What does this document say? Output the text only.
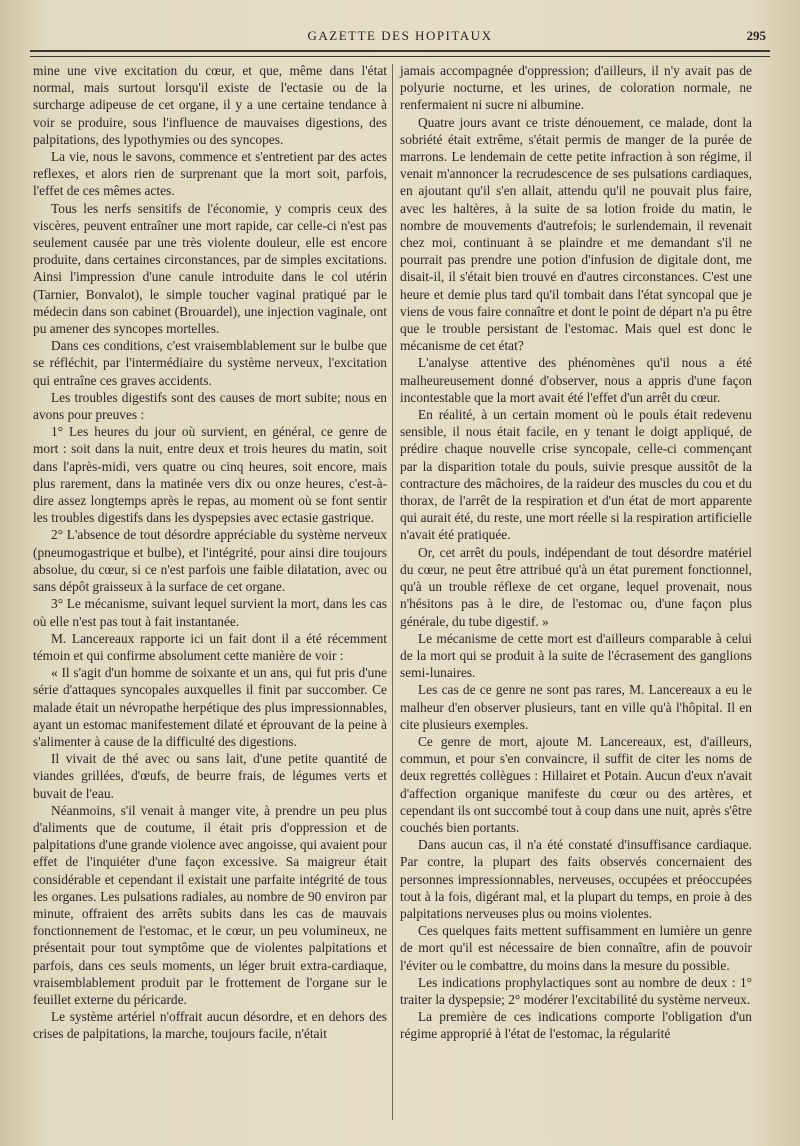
GAZETTE DES HOPITAUX	295

mine une vive excitation du cœur, et que, même dans l'état normal, mais surtout lorsqu'il existe de l'ectasie ou de la surcharge adipeuse de cet organe, il y a une certaine tendance à voir se produire, sous l'influence de mauvaises digestions, des palpitations, des lypothymies ou des syncopes.

La vie, nous le savons, commence et s'entretient par des actes reflexes, et alors rien de surprenant que la mort soit, parfois, l'effet de ces mêmes actes.

Tous les nerfs sensitifs de l'économie, y compris ceux des viscères, peuvent entraîner une mort rapide, car celle-ci n'est pas seulement causée par une très violente douleur, elle est encore produite, dans certaines circonstances, par de simples excitations. Ainsi l'impression d'une canule introduite dans le col utérin (Tarnier, Bonvalot), le simple toucher vaginal pratiqué par le médecin dans son cabinet (Brouardel), une injection vaginale, ont pu amener des syncopes mortelles.

Dans ces conditions, c'est vraisemblablement sur le bulbe que se réfléchit, par l'intermédiaire du système nerveux, l'excitation qui entraîne ces graves accidents.

Les troubles digestifs sont des causes de mort subite; nous en avons pour preuves :

1° Les heures du jour où survient, en général, ce genre de mort : soit dans la nuit, entre deux et trois heures du matin, soit dans l'après-midi, vers quatre ou cinq heures, soit encore, mais plus rarement, dans la matinée vers dix ou onze heures, c'est-à-dire assez longtemps après le repas, au moment où se font sentir les troubles digestifs dans les dyspepsies avec ectasie gastrique.

2° L'absence de tout désordre appréciable du système nerveux (pneumogastrique et bulbe), et l'intégrité, pour ainsi dire toujours absolue, du cœur, si ce n'est parfois une faible dilatation, avec ou sans dépôt graisseux à la surface de cet organe.

3° Le mécanisme, suivant lequel survient la mort, dans les cas où elle n'est pas tout à fait instantanée.

M. Lancereaux rapporte ici un fait dont il a été récemment témoin et qui confirme absolument cette manière de voir :

« Il s'agit d'un homme de soixante et un ans, qui fut pris d'une série d'attaques syncopales auxquelles il finit par succomber. Ce malade était un névropathe herpétique des plus impressionnables, ayant un estomac manifestement dilaté et éprouvant de la peine à s'alimenter à cause de la difficulté des digestions.

Il vivait de thé avec ou sans lait, d'une petite quantité de viandes grillées, d'œufs, de beurre frais, de légumes verts et buvait de l'eau.

Néanmoins, s'il venait à manger vite, à prendre un peu plus d'aliments que de coutume, il était pris d'oppression et de palpitations d'une grande violence avec angoisse, qui avaient pour effet de l'inquiéter d'une façon excessive. Sa maigreur était considérable et cependant il existait une parfaite intégrité de tous les organes. Les pulsations radiales, au nombre de 90 environ par minute, offraient des arrêts subits dans les cas de mauvais fonctionnement de l'estomac, et le cœur, un peu volumineux, ne présentait pour tout symptôme que de violentes palpitations et parfois, dans ces seuls moments, un léger bruit extra-cardiaque, vraisemblablement produit par le frottement de l'organe sur le feuillet externe du péricarde.

Le système artériel n'offrait aucun désordre, et en dehors des crises de palpitations, la marche, toujours facile, n'était

jamais accompagnée d'oppression; d'ailleurs, il n'y avait pas de polyurie nocturne, et les urines, de coloration normale, ne renfermaient ni sucre ni albumine.

Quatre jours avant ce triste dénouement, ce malade, dont la sobriété était extrême, s'était permis de manger de la purée de marrons. Le lendemain de cette petite infraction à son régime, il venait m'annoncer la recrudescence de ses pulsations cardiaques, en ajoutant qu'il s'en allait, attendu qu'il ne pouvait plus faire, avec les haltères, à la suite de sa lotion froide du matin, le nombre de mouvements d'autrefois; le surlendemain, il revenait chez moi, continuant à se plaindre et me demandant s'il ne pourrait pas prendre une potion d'infusion de digitale dont, me disait-il, il s'était bien trouvé en d'autres circonstances. C'est une heure et demie plus tard qu'il tombait dans l'état syncopal que je viens de vous faire connaître et dont le point de départ n'a pu être que le trouble persistant de l'estomac. Mais quel est donc le mécanisme de cet état?

L'analyse attentive des phénomènes qu'il nous a été malheureusement donné d'observer, nous a appris d'une façon incontestable que la mort avait été l'effet d'un arrêt du cœur.

En réalité, à un certain moment où le pouls était redevenu sensible, il nous était facile, en y tenant le doigt appliqué, de prédire chaque nouvelle crise syncopale, celle-ci commençant par la disparition totale du pouls, suivie presque aussitôt de la contracture des mâchoires, de la raideur des muscles du cou et du thorax, de l'arrêt de la respiration et d'un état de mort apparente qui aurait été, du reste, une mort réelle si la respiration artificielle n'avait été pratiquée.

Or, cet arrêt du pouls, indépendant de tout désordre matériel du cœur, ne peut être attribué qu'à un état purement fonctionnel, qu'à un trouble réflexe de cet organe, lequel provenait, nous n'hésitons pas à le dire, de l'estomac ou, d'une façon plus générale, du tube digestif. »

Le mécanisme de cette mort est d'ailleurs comparable à celui de la mort qui se produit à la suite de l'écrasement des ganglions semi-lunaires.

Les cas de ce genre ne sont pas rares, M. Lancereaux a eu le malheur d'en observer plusieurs, tant en ville qu'à l'hôpital. Il en cite plusieurs exemples.

Ce genre de mort, ajoute M. Lancereaux, est, d'ailleurs, commun, et pour s'en convaincre, il suffit de citer les noms de deux regrettés collègues : Hillairet et Potain. Aucun d'eux n'avait d'affection organique manifeste du cœur ou des artères, et cependant ils ont succombé tout à coup dans une nuit, après s'être couchés bien portants.

Dans aucun cas, il n'a été constaté d'insuffisance cardiaque. Par contre, la plupart des faits observés concernaient des personnes impressionnables, nerveuses, occupées et préoccupées tout à la fois, digérant mal, et la plupart du temps, en proie à des palpitations nerveuses plus ou moins violentes.

Ces quelques faits mettent suffisamment en lumière un genre de mort qu'il est nécessaire de bien connaître, afin de pouvoir l'éviter ou le combattre, du moins dans la mesure du possible.

Les indications prophylactiques sont au nombre de deux : 1° traiter la dyspepsie; 2° modérer l'excitabilité du système nerveux.

La première de ces indications comporte l'obligation d'un régime approprié à l'état de l'estomac, la régularité
